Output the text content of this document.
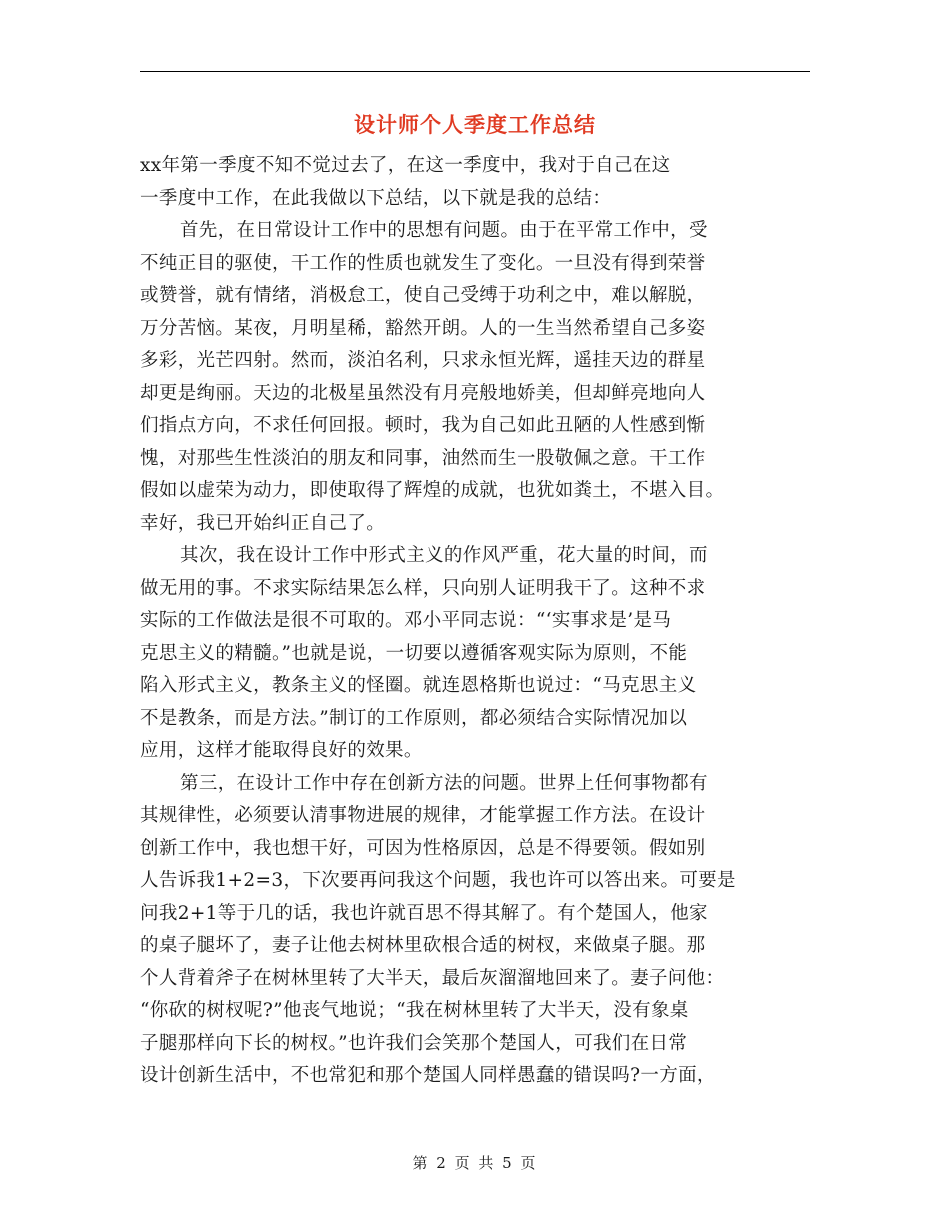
设计师个人季度工作总结
xx年第一季度不知不觉过去了，在这一季度中，我对于自己在这
一季度中工作，在此我做以下总结，以下就是我的总结：
首先，在日常设计工作中的思想有问题。由于在平常工作中，受
不纯正目的驱使，干工作的性质也就发生了变化。一旦没有得到荣誉
或赞誉，就有情绪，消极怠工，使自己受缚于功利之中，难以解脱，
万分苦恼。某夜，月明星稀，豁然开朗。人的一生当然希望自己多姿
多彩，光芒四射。然而，淡泊名利，只求永恒光辉，遥挂天边的群星
却更是绚丽。天边的北极星虽然没有月亮般地娇美，但却鲜亮地向人
们指点方向，不求任何回报。顿时，我为自己如此丑陋的人性感到惭
愧，对那些生性淡泊的朋友和同事，油然而生一股敬佩之意。干工作
假如以虚荣为动力，即使取得了辉煌的成就，也犹如粪土，不堪入目。
幸好，我已开始纠正自己了。
其次，我在设计工作中形式主义的作风严重，花大量的时间，而
做无用的事。不求实际结果怎么样，只向别人证明我干了。这种不求
实际的工作做法是很不可取的。邓小平同志说：“‘实事求是’是马
克思主义的精髓。”也就是说，一切要以遵循客观实际为原则，不能
陷入形式主义，教条主义的怪圈。就连恩格斯也说过：“马克思主义
不是教条，而是方法。”制订的工作原则，都必须结合实际情况加以
应用，这样才能取得良好的效果。
第三，在设计工作中存在创新方法的问题。世界上任何事物都有
其规律性，必须要认清事物进展的规律，才能掌握工作方法。在设计
创新工作中，我也想干好，可因为性格原因，总是不得要领。假如别
人告诉我1+2=3，下次要再问我这个问题，我也许可以答出来。可要是
问我2+1等于几的话，我也许就百思不得其解了。有个楚国人，他家
的桌子腿坏了，妻子让他去树林里砍根合适的树杈，来做桌子腿。那
个人背着斧子在树林里转了大半天，最后灰溜溜地回来了。妻子问他：
“你砍的树杈呢?”他丧气地说；“我在树林里转了大半天，没有象桌
子腿那样向下长的树杈。”也许我们会笑那个楚国人，可我们在日常
设计创新生活中，不也常犯和那个楚国人同样愚蠢的错误吗?一方面，
第 2 页 共 5 页
